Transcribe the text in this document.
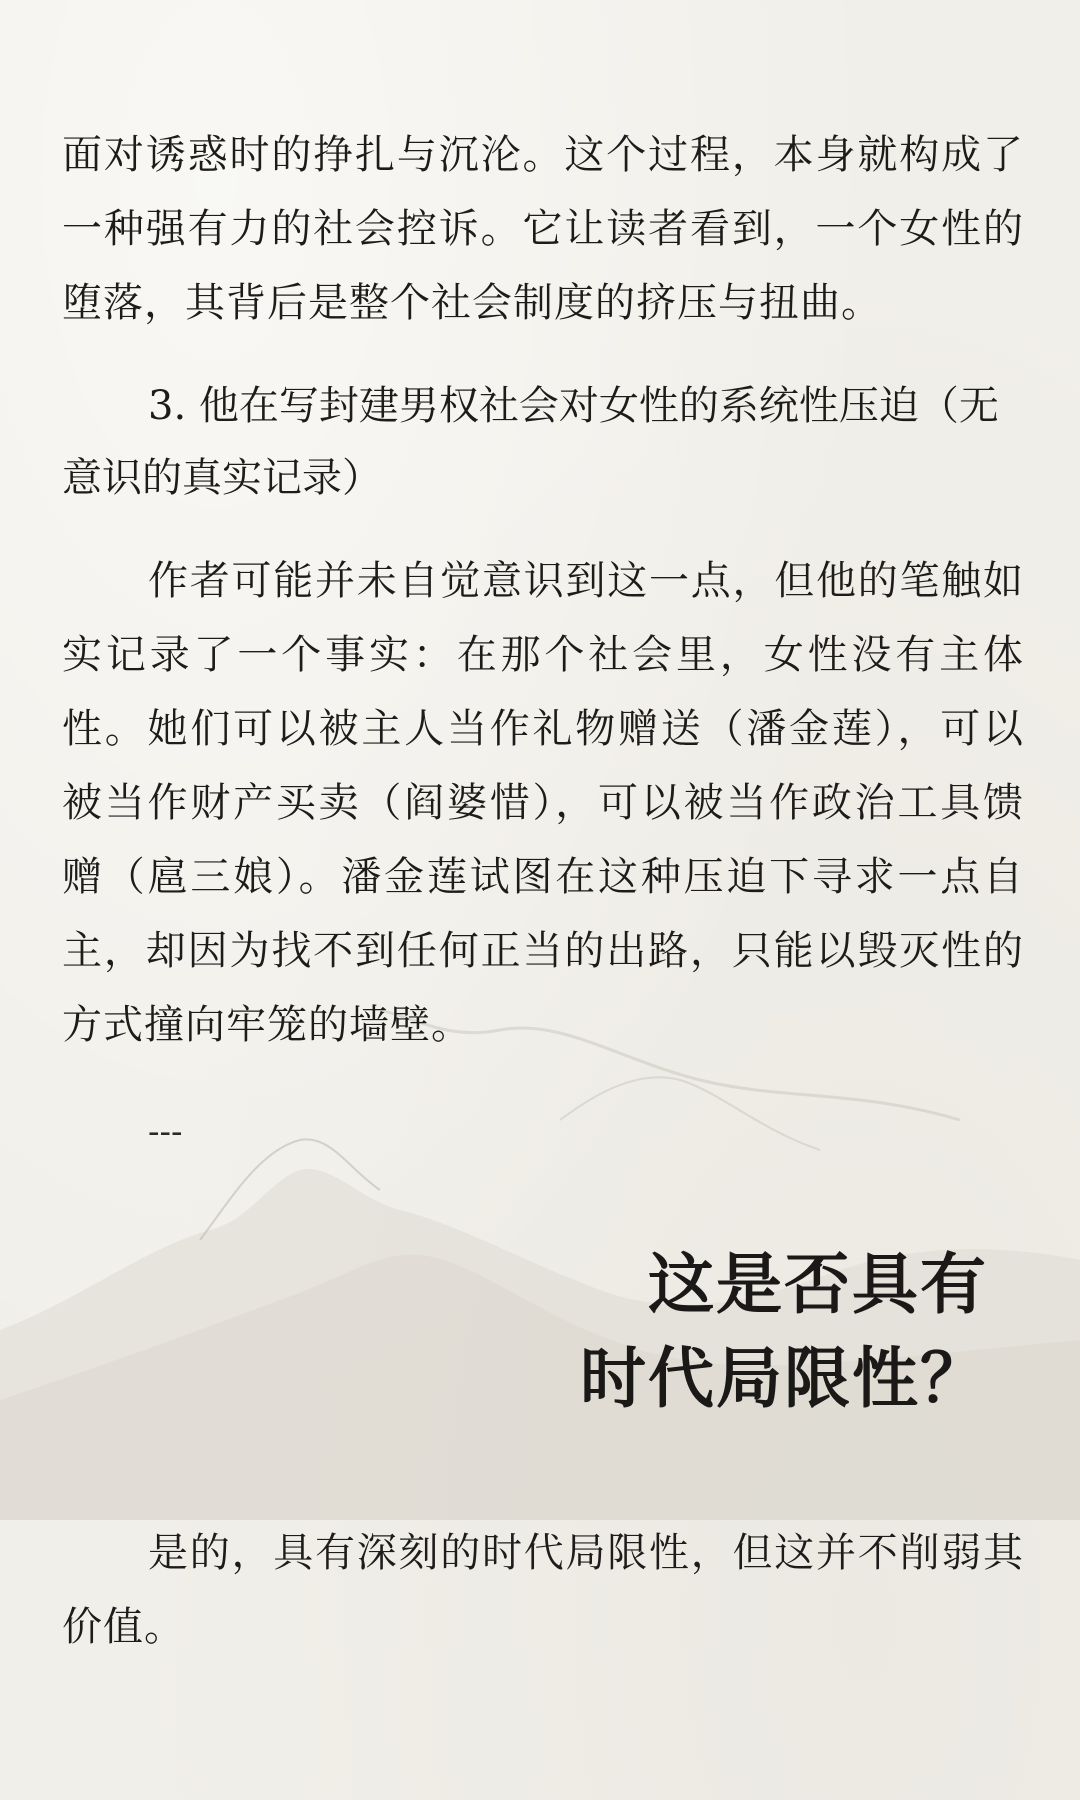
面对诱惑时的挣扎与沉沦。这个过程，本身就构成了一种强有力的社会控诉。它让读者看到，一个女性的堕落，其背后是整个社会制度的挤压与扭曲。

3. 他在写封建男权社会对女性的系统性压迫（无意识的真实记录）

作者可能并未自觉意识到这一点，但他的笔触如实记录了一个事实：在那个社会里，女性没有主体性。她们可以被主人当作礼物赠送（潘金莲），可以被当作财产买卖（阎婆惜），可以被当作政治工具馈赠（扈三娘）。潘金莲试图在这种压迫下寻求一点自主，却因为找不到任何正当的出路，只能以毁灭性的方式撞向牢笼的墙壁。

---
这是否具有
时代局限性？

是的，具有深刻的时代局限性，但这并不削弱其价值。
